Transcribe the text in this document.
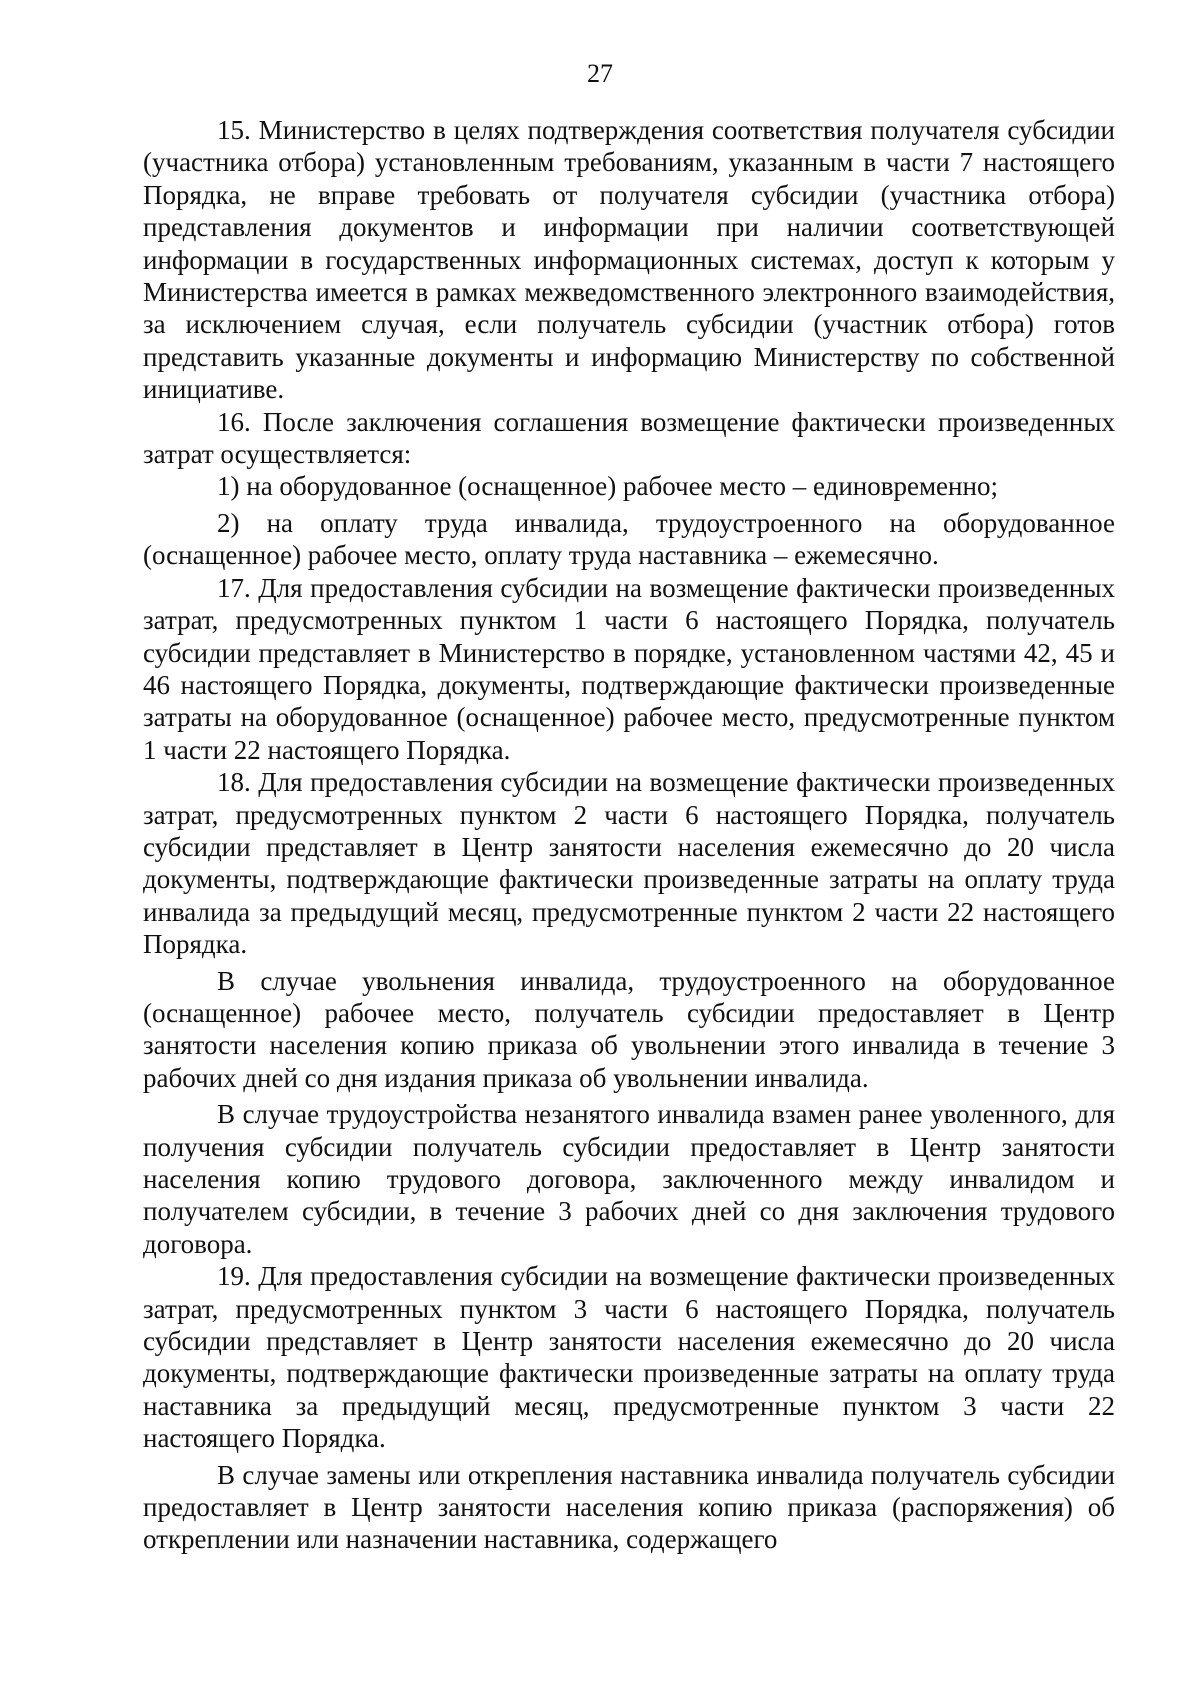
27

15. Министерство в целях подтверждения соответствия получателя субсидии (участника отбора) установленным требованиям, указанным в части 7 настоящего Порядка, не вправе требовать от получателя субсидии (участника отбора) представления документов и информации при наличии соответствующей информации в государственных информационных системах, доступ к которым у Министерства имеется в рамках межведомственного электронного взаимодействия, за исключением случая, если получатель субсидии (участник отбора) готов представить указанные документы и информацию Министерству по собственной инициативе.

16. После заключения соглашения возмещение фактически произведенных затрат осуществляется:

1) на оборудованное (оснащенное) рабочее место – единовременно;

2) на оплату труда инвалида, трудоустроенного на оборудованное (оснащенное) рабочее место, оплату труда наставника – ежемесячно.

17. Для предоставления субсидии на возмещение фактически произведенных затрат, предусмотренных пунктом 1 части 6 настоящего Порядка, получатель субсидии представляет в Министерство в порядке, установленном частями 42, 45 и 46 настоящего Порядка, документы, подтверждающие фактически произведенные затраты на оборудованное (оснащенное) рабочее место, предусмотренные пунктом 1 части 22 настоящего Порядка.

18. Для предоставления субсидии на возмещение фактически произведенных затрат, предусмотренных пунктом 2 части 6 настоящего Порядка, получатель субсидии представляет в Центр занятости населения ежемесячно до 20 числа документы, подтверждающие фактически произведенные затраты на оплату труда инвалида за предыдущий месяц, предусмотренные пунктом 2 части 22 настоящего Порядка.

В случае увольнения инвалида, трудоустроенного на оборудованное (оснащенное) рабочее место, получатель субсидии предоставляет в Центр занятости населения копию приказа об увольнении этого инвалида в течение 3 рабочих дней со дня издания приказа об увольнении инвалида.

В случае трудоустройства незанятого инвалида взамен ранее уволенного, для получения субсидии получатель субсидии предоставляет в Центр занятости населения копию трудового договора, заключенного между инвалидом и получателем субсидии, в течение 3 рабочих дней со дня заключения трудового договора.

19. Для предоставления субсидии на возмещение фактически произведенных затрат, предусмотренных пунктом 3 части 6 настоящего Порядка, получатель субсидии представляет в Центр занятости населения ежемесячно до 20 числа документы, подтверждающие фактически произведенные затраты на оплату труда наставника за предыдущий месяц, предусмотренные пунктом 3 части 22 настоящего Порядка.

В случае замены или открепления наставника инвалида получатель субсидии предоставляет в Центр занятости населения копию приказа (распоряжения) об откреплении или назначении наставника, содержащего
